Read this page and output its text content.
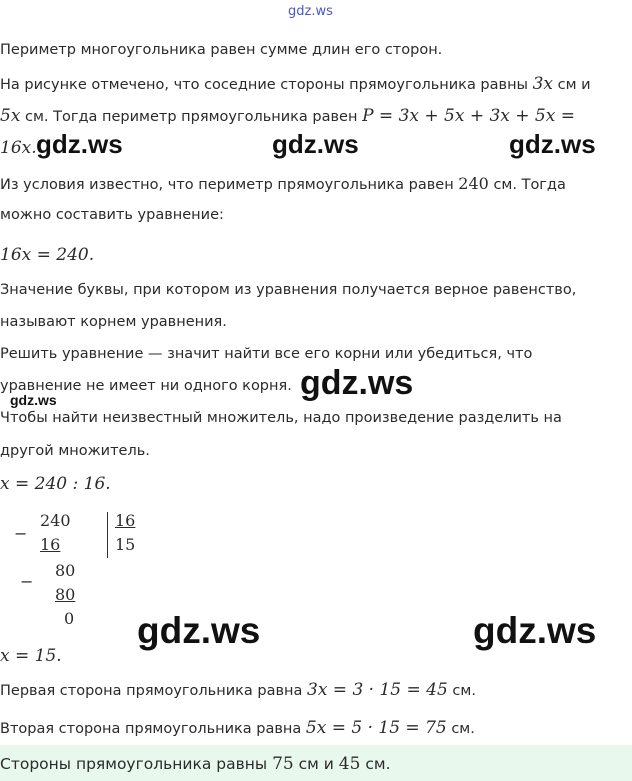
gdz.ws
Периметр многоугольника равен сумме длин его сторон.
На рисунке отмечено, что соседние стороны прямоугольника равны 3x см и
5x см. Тогда периметр прямоугольника равен P = 3x + 5x + 3x + 5x =
16x.
Из условия известно, что периметр прямоугольника равен 240 см. Тогда
можно составить уравнение:
16x = 240.
Значение буквы, при котором из уравнения получается верное равенство,
называют корнем уравнения.
Решить уравнение — значит найти все его корни или убедиться, что
уравнение не имеет ни одного корня.
Чтобы найти неизвестный множитель, надо произведение разделить на
другой множитель.
x = 240 : 16.
−
240
16
16
15
−
80
80
0
x = 15.
Первая сторона прямоугольника равна 3x = 3 · 15 = 45 см.
Вторая сторона прямоугольника равна 5x = 5 · 15 = 75 см.
Стороны прямоугольника равны 75 см и 45 см.
gdz.ws	gdz.ws	gdz.ws
gdz.ws
gdz.ws
gdz.ws	gdz.ws
